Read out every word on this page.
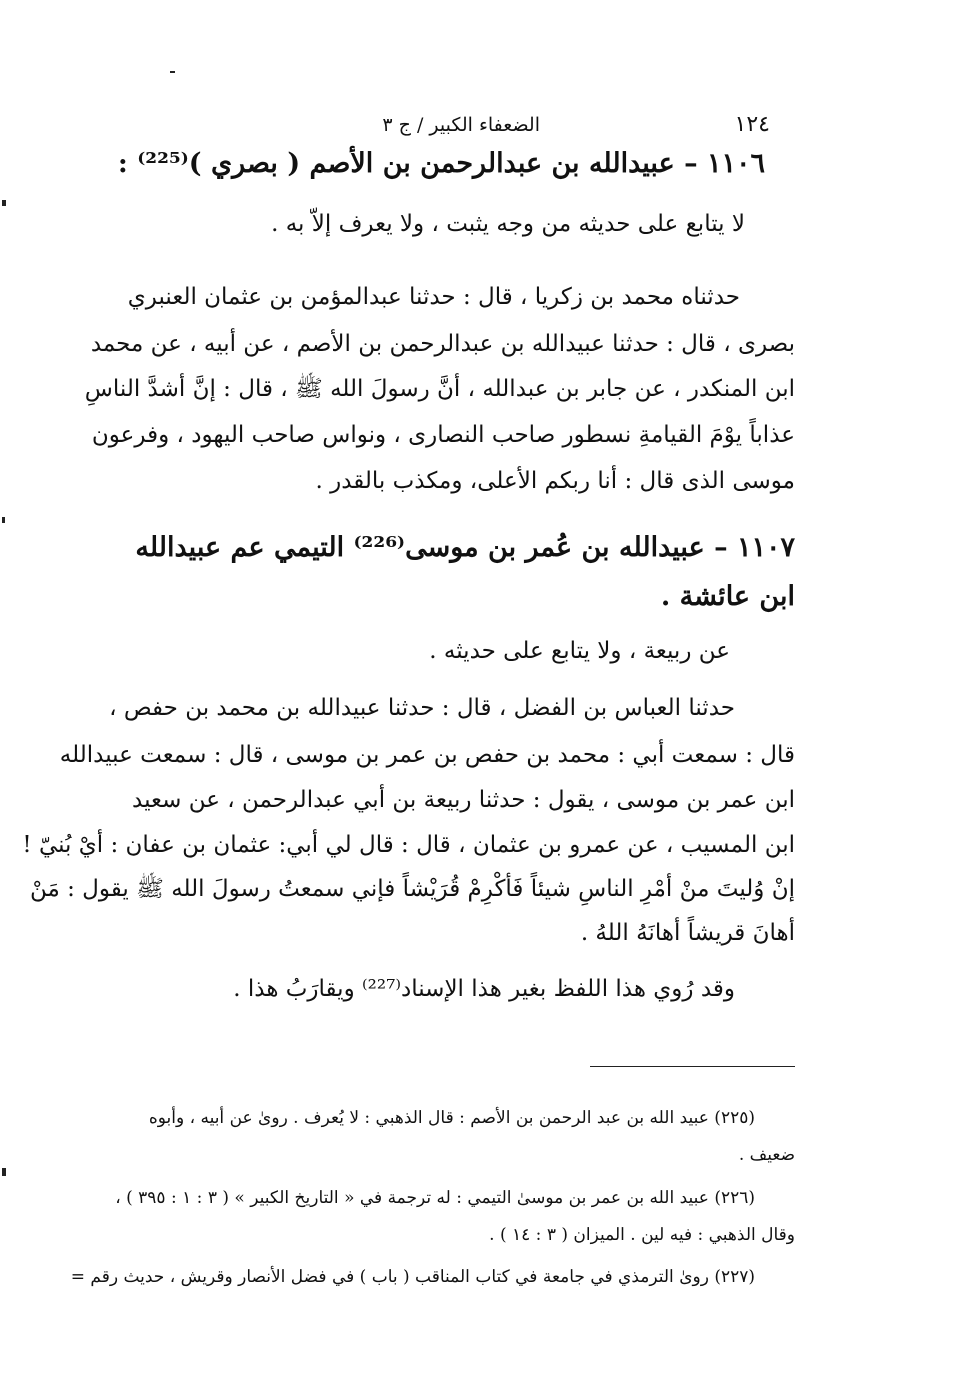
١٢٤
الضعفاء الكبير / ج ٣
١١٠٦ – عبيدالله بن عبدالرحمن بن الأصم ( بصري )⁽²²⁵⁾ :
لا يتابع على حديثه من وجه يثبت ، ولا يعرف إلاّ به .
حدثناه محمد بن زكريا ، قال : حدثنا عبدالمؤمن بن عثمان العنبري
بصرى ، قال : حدثنا عبيدالله بن عبدالرحمن بن الأصم ، عن أبيه ، عن محمد
ابن المنكدر ، عن جابر بن عبدالله ، أنَّ رسولَ الله ﷺ ، قال : إنَّ أشدَّ الناسِ
عذاباً يوْمَ القيامةِ نسطور صاحب النصارى ، ونواس صاحب اليهود ، وفرعون
موسى الذى قال : أنا ربكم الأعلى، ومكذب بالقدر .
١١٠٧ – عبيدالله بن عُمر بن موسى⁽²²⁶⁾ التيمي عم عبيدالله
ابن عائشة .
عن ربيعة ، ولا يتابع على حديثه .
حدثنا العباس بن الفضل ، قال : حدثنا عبيدالله بن محمد بن حفص ،
قال : سمعت أبي : محمد بن حفص بن عمر بن موسى ، قال : سمعت عبيدالله
ابن عمر بن موسى ، يقول : حدثنا ربيعة بن أبي عبدالرحمن ، عن سعيد
ابن المسيب ، عن عمرو بن عثمان ، قال : قال لي أبي: عثمان بن عفان : أيْ بُنيّ !
إنْ وُليتَ منْ أمْرِ الناسِ شيئاً فَأكْرِمْ قُرَيْشاً فإني سمعتُ رسولَ الله ﷺ يقول : مَنْ
أهانَ قريشاً أهانَهُ اللهُ .
وقد رُوي هذا اللفظ بغير هذا الإسناد⁽²²⁷⁾ ويقارَبُ هذا .
(٢٢٥) عبيد الله بن عبد الرحمن بن الأصم : قال الذهبي : لا يُعرف . روىٰ عن أبيه ، وأبوه
ضعيف .
(٢٢٦) عبيد الله بن عمر بن موسىٰ التيمي : له ترجمة في « التاريخ الكبير » ( ٣ : ١ : ٣٩٥ ) ،
وقال الذهبي : فيه لين . الميزان ( ٣ : ١٤ ) .
(٢٢٧) روىٰ الترمذي في جامعة في كتاب المناقب ( باب ) في فضل الأنصار وقريش ، حديث رقم =
